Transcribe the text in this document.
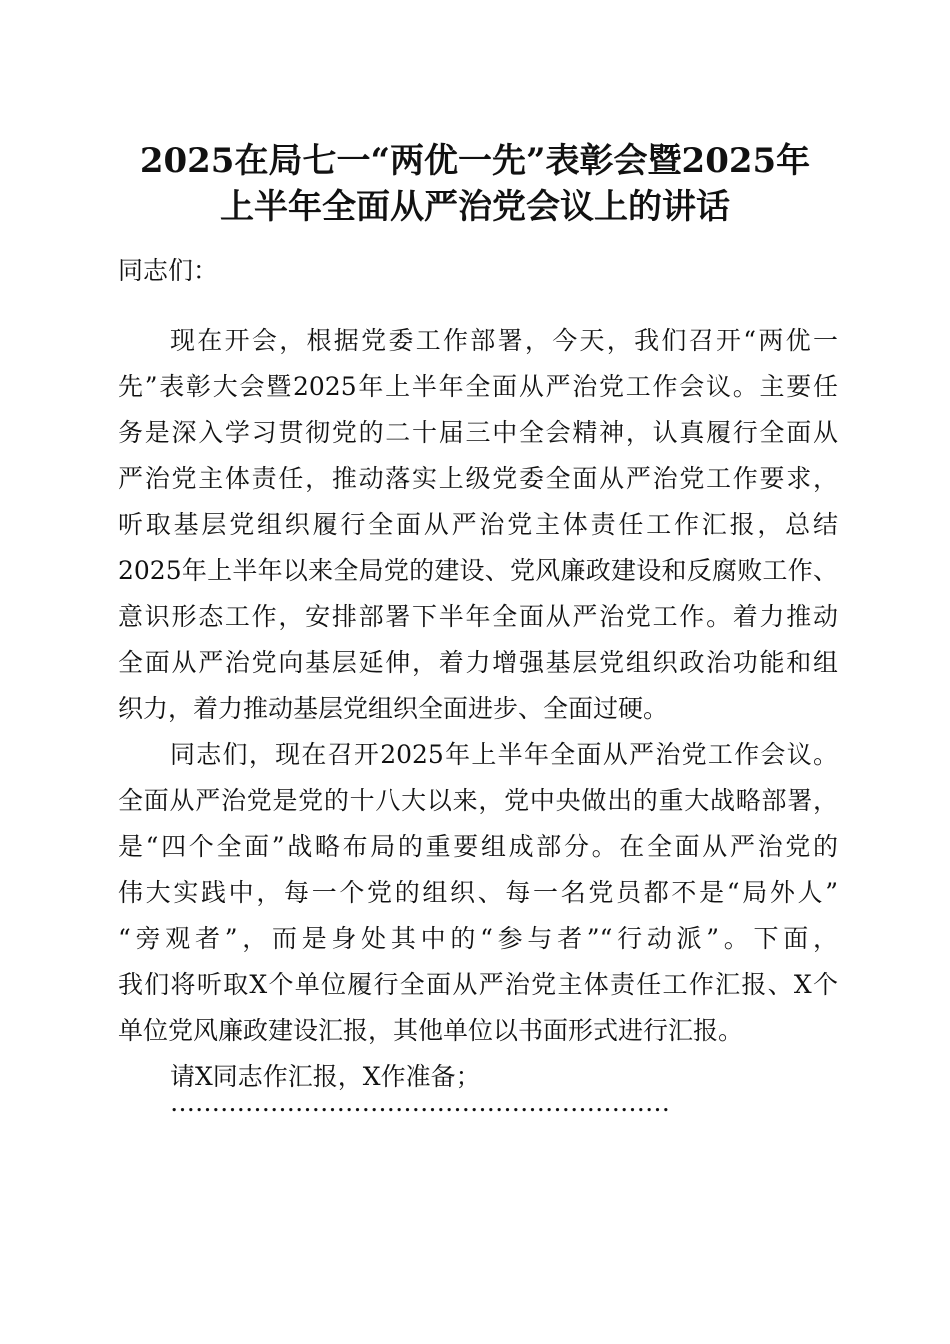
2025在局七一“两优一先”表彰会暨2025年
上半年全面从严治党会议上的讲话
同志们：
现在开会，根据党委工作部署，今天，我们召开“两优一
先”表彰大会暨2025年上半年全面从严治党工作会议。主要任
务是深入学习贯彻党的二十届三中全会精神，认真履行全面从
严治党主体责任，推动落实上级党委全面从严治党工作要求，
听取基层党组织履行全面从严治党主体责任工作汇报，总结
2025年上半年以来全局党的建设、党风廉政建设和反腐败工作、
意识形态工作，安排部署下半年全面从严治党工作。着力推动
全面从严治党向基层延伸，着力增强基层党组织政治功能和组
织力，着力推动基层党组织全面进步、全面过硬。
同志们，现在召开2025年上半年全面从严治党工作会议。
全面从严治党是党的十八大以来，党中央做出的重大战略部署，
是“四个全面”战略布局的重要组成部分。在全面从严治党的
伟大实践中，每一个党的组织、每一名党员都不是“局外人”
“旁观者”，而是身处其中的“参与者”“行动派”。下面，
我们将听取X个单位履行全面从严治党主体责任工作汇报、X个
单位党风廉政建设汇报，其他单位以书面形式进行汇报。
请X同志作汇报，X作准备；
……………………………………………………
